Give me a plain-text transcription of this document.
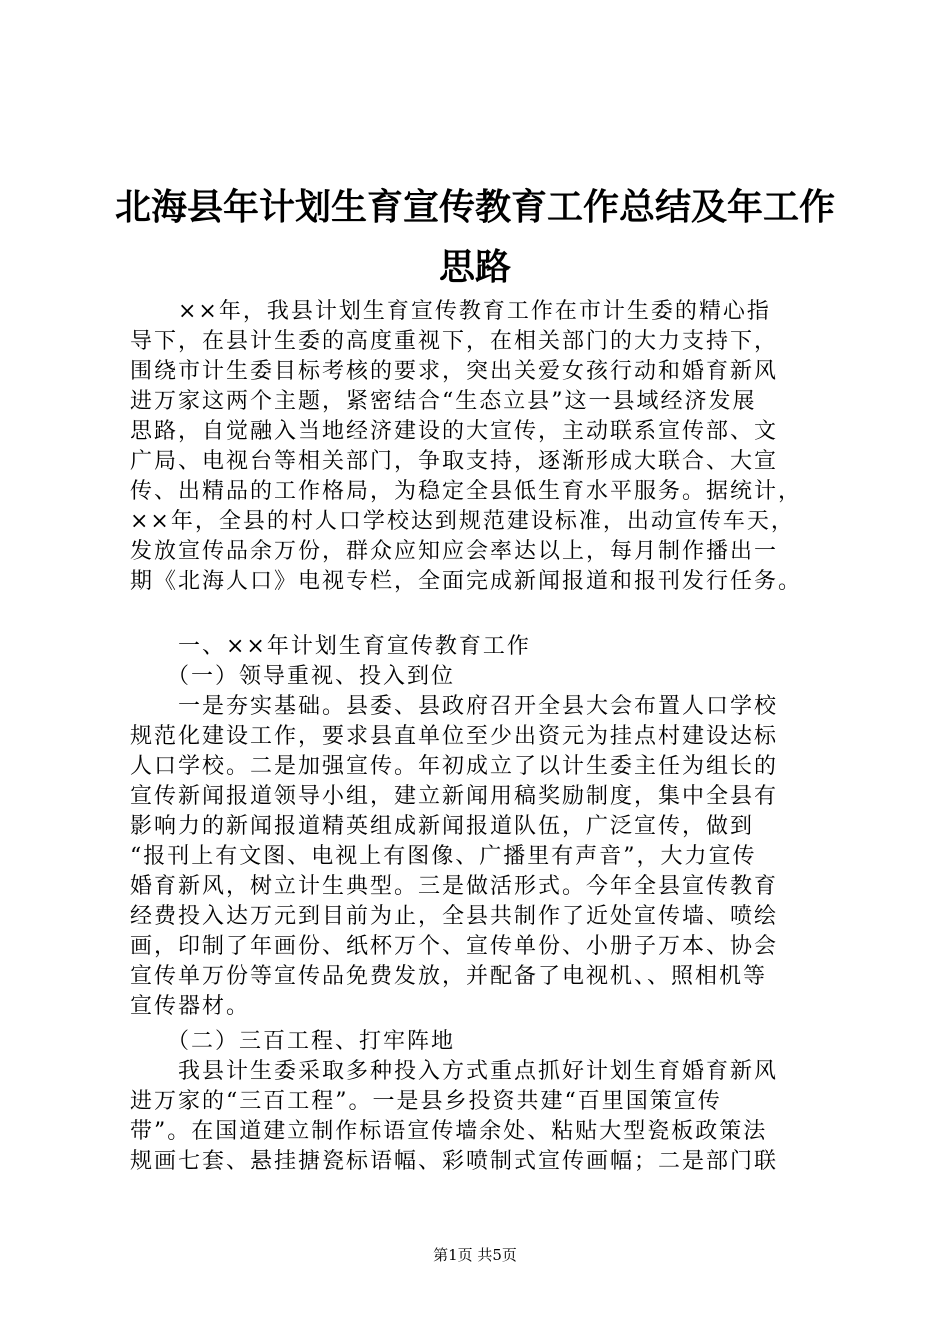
北海县年计划生育宣传教育工作总结及年工作
思路
　　××年，我县计划生育宣传教育工作在市计生委的精心指
导下，在县计生委的高度重视下，在相关部门的大力支持下，
围绕市计生委目标考核的要求，突出关爱女孩行动和婚育新风
进万家这两个主题，紧密结合“生态立县”这一县域经济发展
思路，自觉融入当地经济建设的大宣传，主动联系宣传部、文
广局、电视台等相关部门，争取支持，逐渐形成大联合、大宣
传、出精品的工作格局，为稳定全县低生育水平服务。据统计，
××年，全县的村人口学校达到规范建设标准，出动宣传车天，
发放宣传品余万份，群众应知应会率达以上，每月制作播出一
期《北海人口》电视专栏，全面完成新闻报道和报刊发行任务。
　　一、××年计划生育宣传教育工作
　　（一）领导重视、投入到位
　　一是夯实基础。县委、县政府召开全县大会布置人口学校
规范化建设工作，要求县直单位至少出资元为挂点村建设达标
人口学校。二是加强宣传。年初成立了以计生委主任为组长的
宣传新闻报道领导小组，建立新闻用稿奖励制度，集中全县有
影响力的新闻报道精英组成新闻报道队伍，广泛宣传，做到
“报刊上有文图、电视上有图像、广播里有声音”，大力宣传
婚育新风，树立计生典型。三是做活形式。今年全县宣传教育
经费投入达万元到目前为止，全县共制作了近处宣传墙、喷绘
画，印制了年画份、纸杯万个、宣传单份、小册子万本、协会
宣传单万份等宣传品免费发放，并配备了电视机、、照相机等
宣传器材。
　　（二）三百工程、打牢阵地
　　我县计生委采取多种投入方式重点抓好计划生育婚育新风
进万家的“三百工程”。一是县乡投资共建“百里国策宣传
带”。在国道建立制作标语宣传墙余处、粘贴大型瓷板政策法
规画七套、悬挂搪瓷标语幅、彩喷制式宣传画幅；二是部门联
第1页 共5页
